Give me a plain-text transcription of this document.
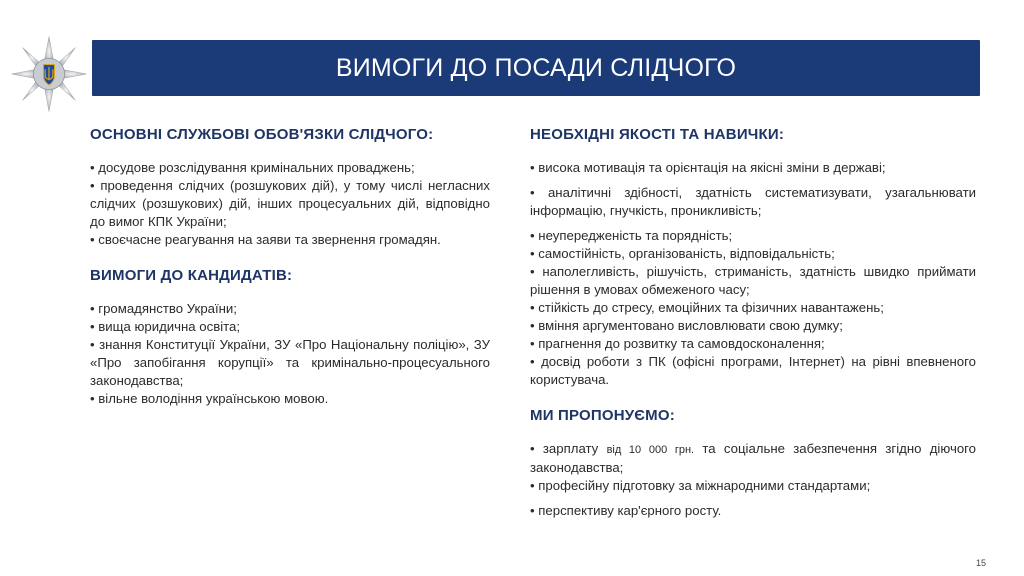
ВИМОГИ ДО ПОСАДИ СЛІДЧОГО
ОСНОВНІ СЛУЖБОВІ ОБОВ'ЯЗКИ СЛІДЧОГО:
• досудове розслідування кримінальних проваджень;
• проведення слідчих (розшукових дій), у тому числі негласних слідчих (розшукових) дій, інших процесуальних дій, відповідно до вимог КПК України;
• своєчасне реагування на заяви та звернення громадян.
ВИМОГИ ДО КАНДИДАТІВ:
• громадянство України;
• вища юридична освіта;
• знання Конституції України, ЗУ «Про Національну поліцію», ЗУ «Про запобігання корупції» та кримінально-процесуального законодавства;
• вільне володіння українською мовою.
НЕОБХІДНІ ЯКОСТІ ТА НАВИЧКИ:
• висока мотивація та орієнтація на якісні зміни в державі;
• аналітичні здібності, здатність систематизувати, узагальнювати інформацію, гнучкість, проникливість;
• неупередженість та порядність;
• самостійність, організованість, відповідальність;
• наполегливість, рішучість, стриманість, здатність швидко приймати рішення в умовах обмеженого часу;
• стійкість до стресу, емоційних та фізичних навантажень;
• вміння аргументовано висловлювати свою думку;
• прагнення до розвитку та самовдосконалення;
• досвід роботи з ПК (офісні програми, Інтернет) на рівні впевненого користувача.
МИ ПРОПОНУЄМО:
• зарплату від 10 000 грн. та соціальне забезпечення згідно діючого законодавства;
• професійну підготовку за міжнародними стандартами;
• перспективу кар'єрного росту.
15
